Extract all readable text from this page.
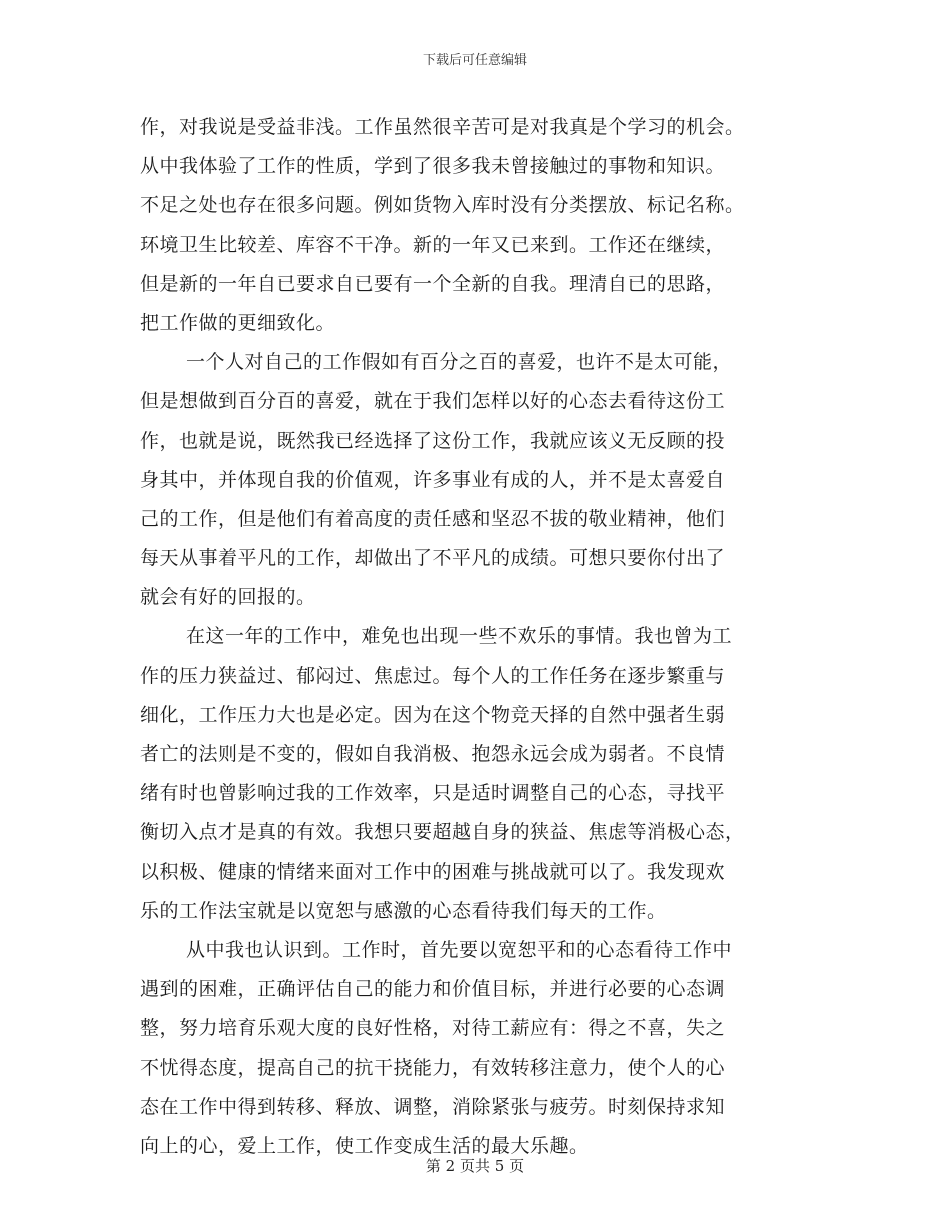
下载后可任意编辑
作，对我说是受益非浅。工作虽然很辛苦可是对我真是个学习的机会。
从中我体验了工作的性质，学到了很多我未曾接触过的事物和知识。
不足之处也存在很多问题。例如货物入库时没有分类摆放、标记名称。
环境卫生比较差、库容不干净。新的一年又已来到。工作还在继续，
但是新的一年自已要求自已要有一个全新的自我。理清自已的思路，
把工作做的更细致化。
一个人对自己的工作假如有百分之百的喜爱，也许不是太可能，
但是想做到百分百的喜爱，就在于我们怎样以好的心态去看待这份工
作，也就是说，既然我已经选择了这份工作，我就应该义无反顾的投
身其中，并体现自我的价值观，许多事业有成的人，并不是太喜爱自
己的工作，但是他们有着高度的责任感和坚忍不拔的敬业精神，他们
每天从事着平凡的工作，却做出了不平凡的成绩。可想只要你付出了
就会有好的回报的。
在这一年的工作中，难免也出现一些不欢乐的事情。我也曾为工
作的压力狭益过、郁闷过、焦虑过。每个人的工作任务在逐步繁重与
细化，工作压力大也是必定。因为在这个物竞天择的自然中强者生弱
者亡的法则是不变的，假如自我消极、抱怨永远会成为弱者。不良情
绪有时也曾影响过我的工作效率，只是适时调整自己的心态，寻找平
衡切入点才是真的有效。我想只要超越自身的狭益、焦虑等消极心态，
以积极、健康的情绪来面对工作中的困难与挑战就可以了。我发现欢
乐的工作法宝就是以宽恕与感激的心态看待我们每天的工作。
从中我也认识到。工作时，首先要以宽恕平和的心态看待工作中
遇到的困难，正确评估自己的能力和价值目标，并进行必要的心态调
整，努力培育乐观大度的良好性格，对待工薪应有：得之不喜，失之
不忧得态度，提高自己的抗干挠能力，有效转移注意力，使个人的心
态在工作中得到转移、释放、调整，消除紧张与疲劳。时刻保持求知
向上的心，爱上工作，使工作变成生活的最大乐趣。
第 2 页共 5 页
